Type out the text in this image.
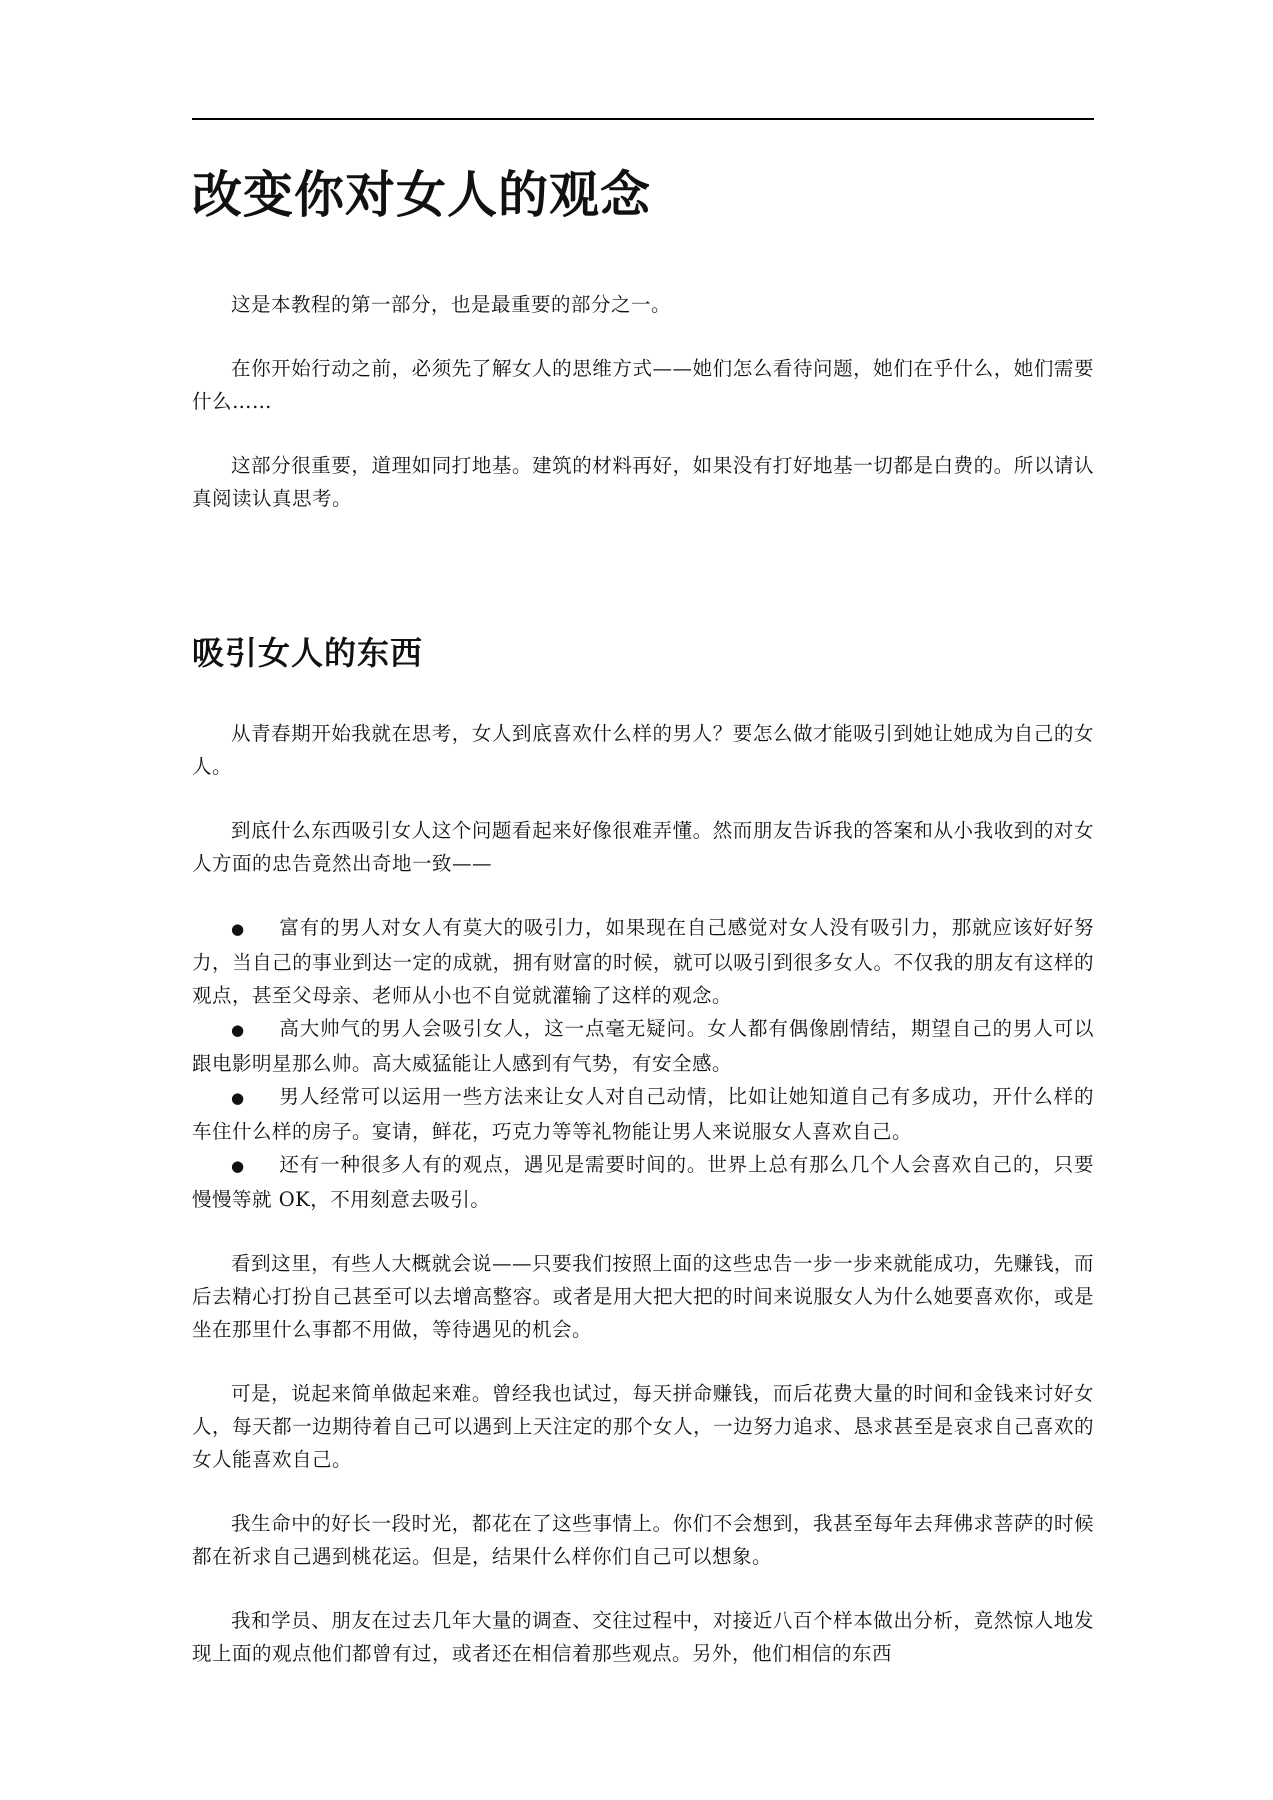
改变你对女人的观念

这是本教程的第一部分，也是最重要的部分之一。

在你开始行动之前，必须先了解女人的思维方式——她们怎么看待问题，她们在乎什么，她们需要什么……

这部分很重要，道理如同打地基。建筑的材料再好，如果没有打好地基一切都是白费的。所以请认真阅读认真思考。

吸引女人的东西

从青春期开始我就在思考，女人到底喜欢什么样的男人？要怎么做才能吸引到她让她成为自己的女人。

到底什么东西吸引女人这个问题看起来好像很难弄懂。然而朋友告诉我的答案和从小我收到的对女人方面的忠告竟然出奇地一致——

● 富有的男人对女人有莫大的吸引力，如果现在自己感觉对女人没有吸引力，那就应该好好努力，当自己的事业到达一定的成就，拥有财富的时候，就可以吸引到很多女人。不仅我的朋友有这样的观点，甚至父母亲、老师从小也不自觉就灌输了这样的观念。
● 高大帅气的男人会吸引女人，这一点毫无疑问。女人都有偶像剧情结，期望自己的男人可以跟电影明星那么帅。高大威猛能让人感到有气势，有安全感。
● 男人经常可以运用一些方法来让女人对自己动情，比如让她知道自己有多成功，开什么样的车住什么样的房子。宴请，鲜花，巧克力等等礼物能让男人来说服女人喜欢自己。
● 还有一种很多人有的观点，遇见是需要时间的。世界上总有那么几个人会喜欢自己的，只要慢慢等就 OK，不用刻意去吸引。

看到这里，有些人大概就会说——只要我们按照上面的这些忠告一步一步来就能成功，先赚钱，而后去精心打扮自己甚至可以去增高整容。或者是用大把大把的时间来说服女人为什么她要喜欢你，或是坐在那里什么事都不用做，等待遇见的机会。

可是，说起来简单做起来难。曾经我也试过，每天拼命赚钱，而后花费大量的时间和金钱来讨好女人，每天都一边期待着自己可以遇到上天注定的那个女人，一边努力追求、恳求甚至是哀求自己喜欢的女人能喜欢自己。

我生命中的好长一段时光，都花在了这些事情上。你们不会想到，我甚至每年去拜佛求菩萨的时候都在祈求自己遇到桃花运。但是，结果什么样你们自己可以想象。

我和学员、朋友在过去几年大量的调查、交往过程中，对接近八百个样本做出分析，竟然惊人地发现上面的观点他们都曾有过，或者还在相信着那些观点。另外，他们相信的东西
